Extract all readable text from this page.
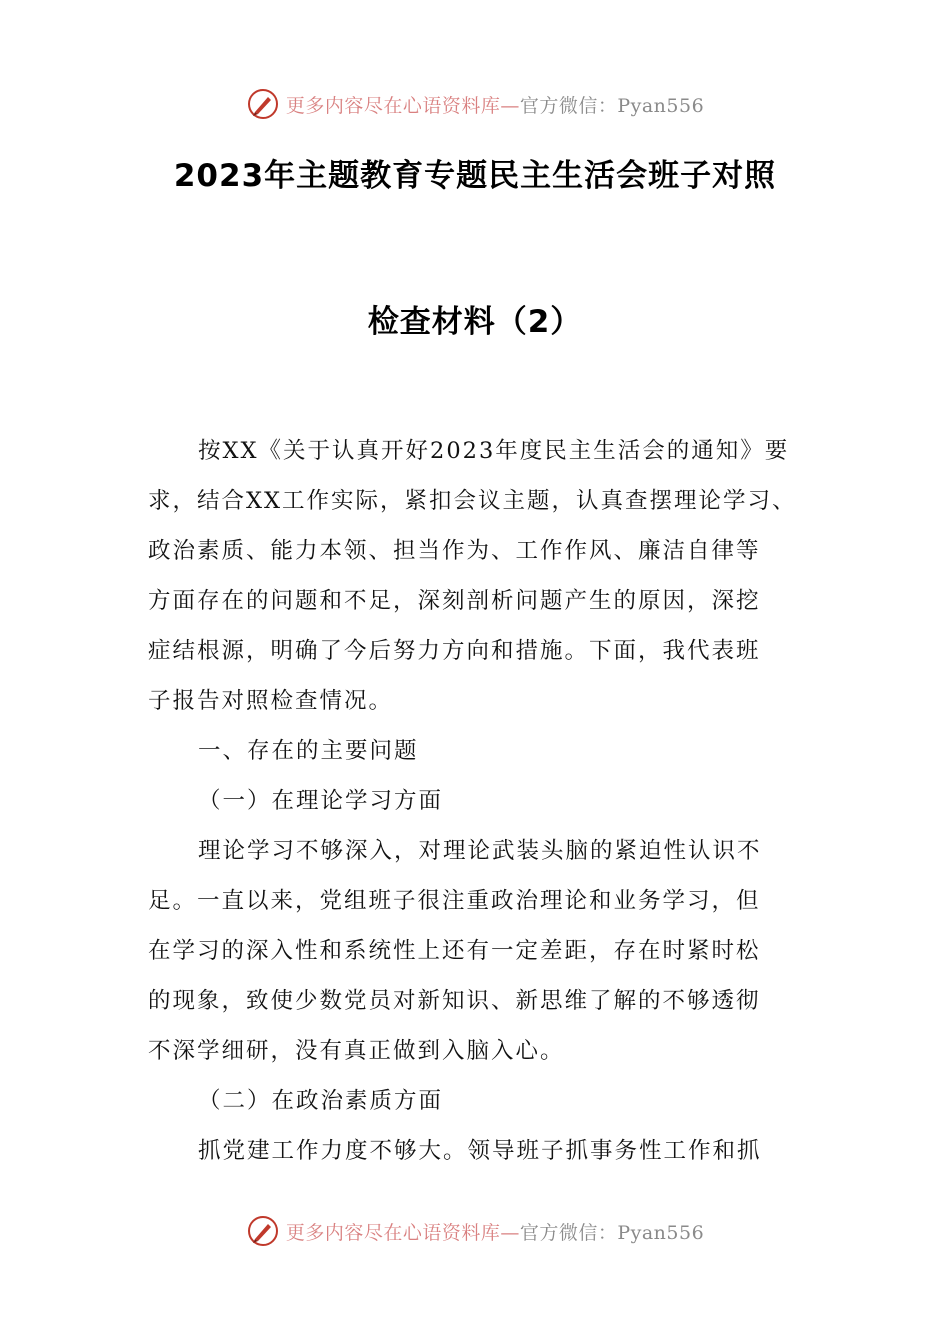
更多内容尽在心语资料库—官方微信：Pyan556
2023年主题教育专题民主生活会班子对照
检查材料（2）
按XX《关于认真开好2023年度民主生活会的通知》要
求，结合XX工作实际，紧扣会议主题，认真查摆理论学习、
政治素质、能力本领、担当作为、工作作风、廉洁自律等
方面存在的问题和不足，深刻剖析问题产生的原因，深挖
症结根源，明确了今后努力方向和措施。下面，我代表班
子报告对照检查情况。
一、存在的主要问题
（一）在理论学习方面
理论学习不够深入，对理论武装头脑的紧迫性认识不
足。一直以来，党组班子很注重政治理论和业务学习，但
在学习的深入性和系统性上还有一定差距，存在时紧时松
的现象，致使少数党员对新知识、新思维了解的不够透彻
不深学细研，没有真正做到入脑入心。
（二）在政治素质方面
抓党建工作力度不够大。领导班子抓事务性工作和抓
更多内容尽在心语资料库—官方微信：Pyan556
